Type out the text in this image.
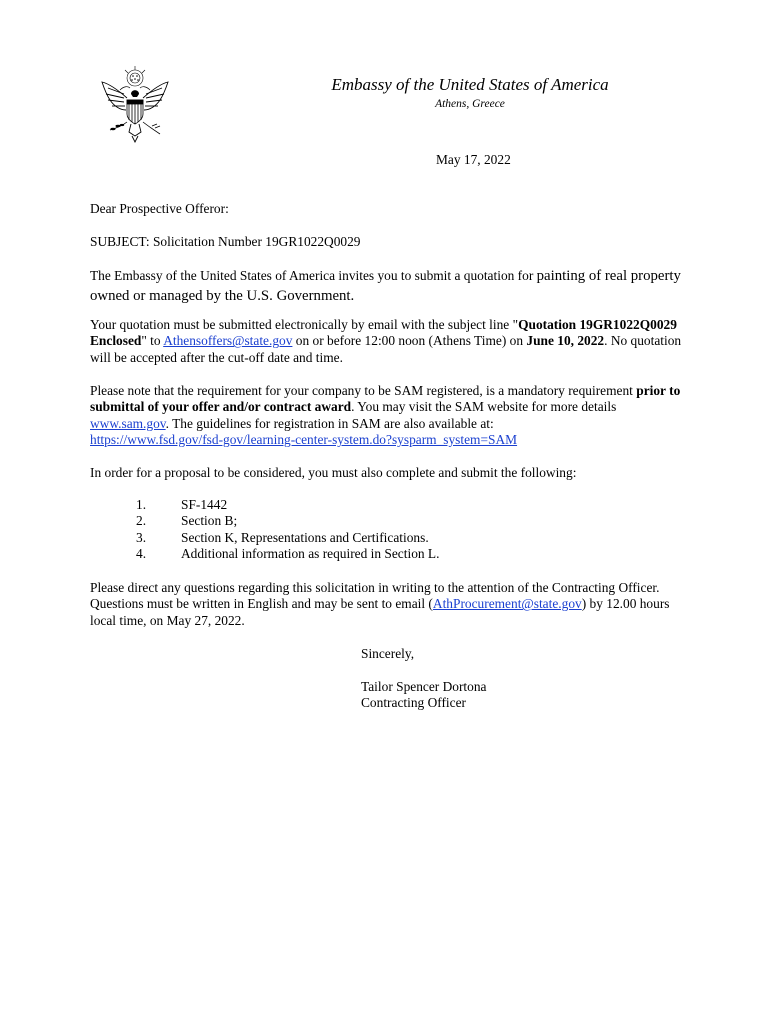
Embassy of the United States of America
Athens, Greece
May 17, 2022
Dear Prospective Offeror:
SUBJECT: Solicitation Number 19GR1022Q0029
The Embassy of the United States of America invites you to submit a quotation for painting of real property owned or managed by the U.S. Government.
Your quotation must be submitted electronically by email with the subject line "Quotation 19GR1022Q0029 Enclosed" to Athensoffers@state.gov on or before 12:00 noon (Athens Time) on June 10, 2022. No quotation will be accepted after the cut-off date and time.
Please note that the requirement for your company to be SAM registered, is a mandatory requirement prior to submittal of your offer and/or contract award. You may visit the SAM website for more details www.sam.gov. The guidelines for registration in SAM are also available at:
https://www.fsd.gov/fsd-gov/learning-center-system.do?sysparm_system=SAM
In order for a proposal to be considered, you must also complete and submit the following:
1.	SF-1442
2.	Section B;
3.	Section K, Representations and Certifications.
4.	Additional information as required in Section L.
Please direct any questions regarding this solicitation in writing to the attention of the Contracting Officer. Questions must be written in English and may be sent to email (AthProcurement@state.gov) by 12.00 hours local time, on May 27, 2022.
Sincerely,
Tailor Spencer Dortona
Contracting Officer
